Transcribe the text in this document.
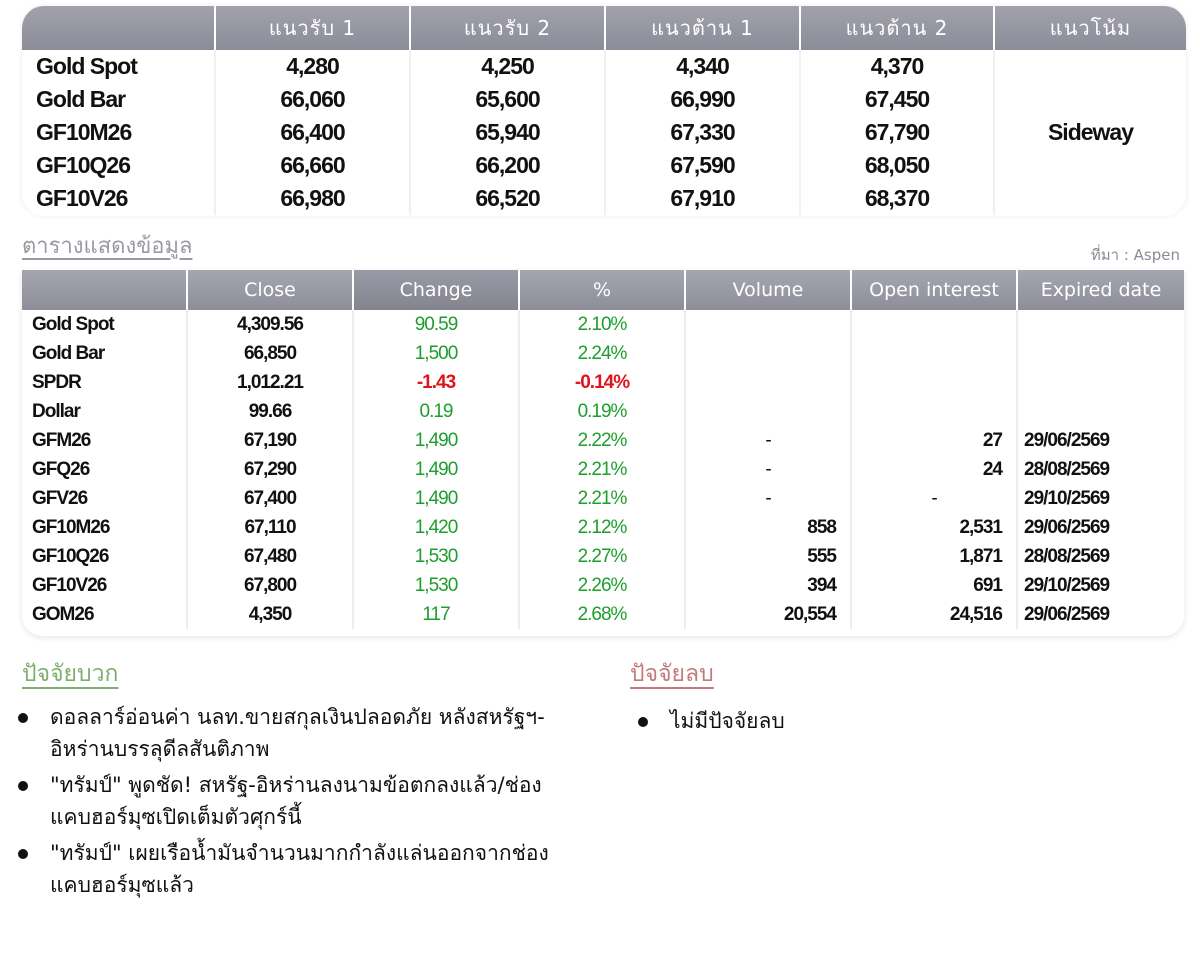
	แนวรับ 1	แนวรับ 2	แนวต้าน 1	แนวต้าน 2	แนวโน้ม
Gold Spot	4,280	4,250	4,340	4,370	Sideway
Gold Bar	66,060	65,600	66,990	67,450	
GF10M26	66,400	65,940	67,330	67,790	
GF10Q26	66,660	66,200	67,590	68,050	
GF10V26	66,980	66,520	67,910	68,370	
ตารางแสดงข้อมูล	ที่มา : Aspen
	Close	Change	%	Volume	Open interest	Expired date
Gold Spot	4,309.56	90.59	2.10%			
Gold Bar	66,850	1,500	2.24%			
SPDR	1,012.21	-1.43	-0.14%			
Dollar	99.66	0.19	0.19%			
GFM26	67,190	1,490	2.22%	-	27	29/06/2569
GFQ26	67,290	1,490	2.21%	-	24	28/08/2569
GFV26	67,400	1,490	2.21%	-	-	29/10/2569
GF10M26	67,110	1,420	2.12%	858	2,531	29/06/2569
GF10Q26	67,480	1,530	2.27%	555	1,871	28/08/2569
GF10V26	67,800	1,530	2.26%	394	691	29/10/2569
GOM26	4,350	117	2.68%	20,554	24,516	29/06/2569
ปัจจัยบวก
ดอลลาร์อ่อนค่า นลท.ขายสกุลเงินปลอดภัย หลังสหรัฐฯ-อิหร่านบรรลุดีลสันติภาพ
"ทรัมป์" พูดชัด! สหรัฐ-อิหร่านลงนามข้อตกลงแล้ว/ช่องแคบฮอร์มุซเปิดเต็มตัวศุกร์นี้
"ทรัมป์" เผยเรือน้ำมันจำนวนมากกำลังแล่นออกจากช่องแคบฮอร์มุซแล้ว
ปัจจัยลบ
ไม่มีปัจจัยลบ
